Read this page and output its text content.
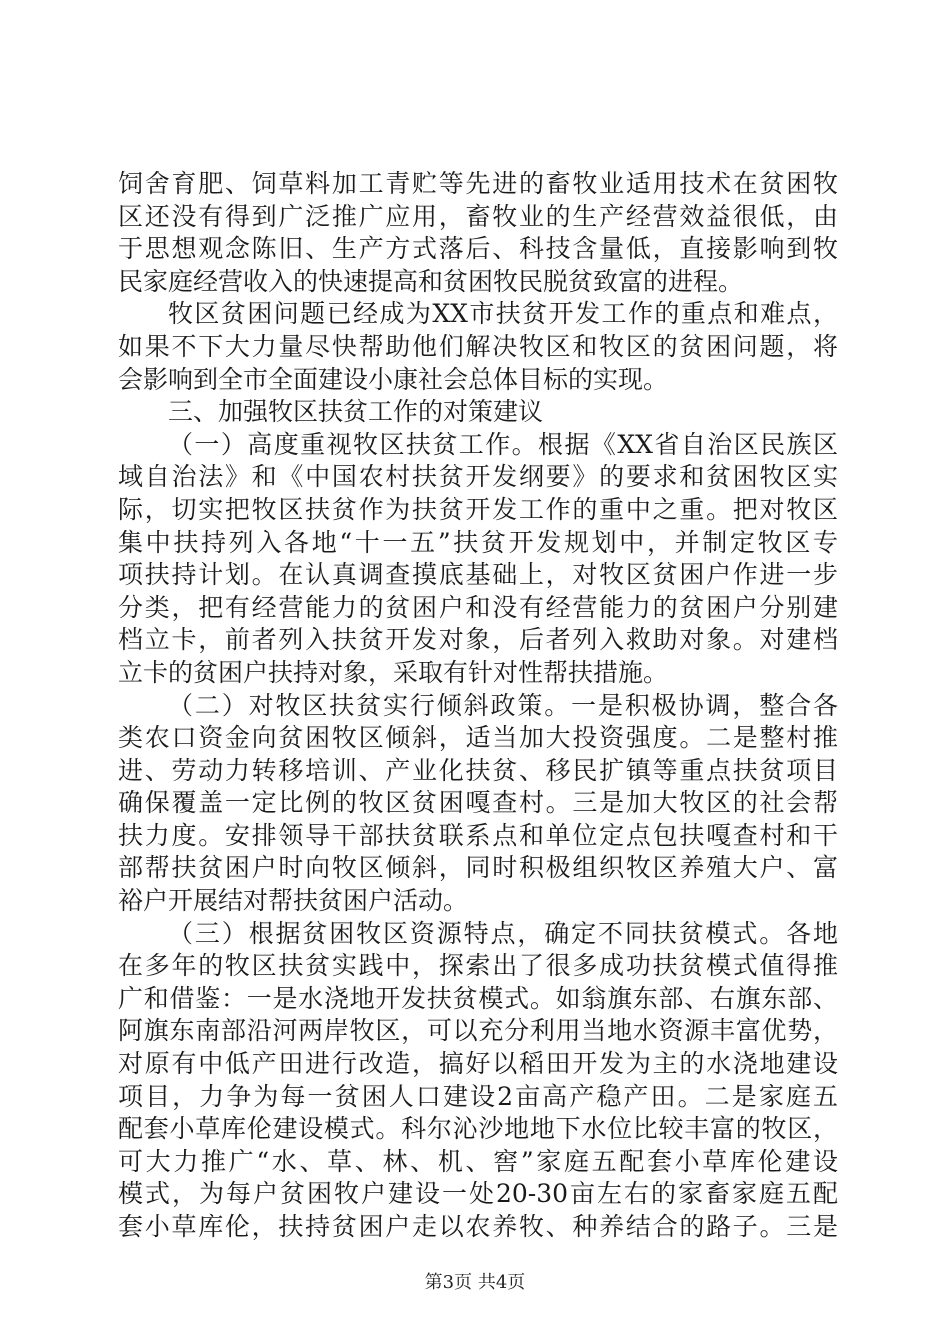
饲舍育肥、饲草料加工青贮等先进的畜牧业适用技术在贫困牧
区还没有得到广泛推广应用，畜牧业的生产经营效益很低，由
于思想观念陈旧、生产方式落后、科技含量低，直接影响到牧
民家庭经营收入的快速提高和贫困牧民脱贫致富的进程。
牧区贫困问题已经成为XX市扶贫开发工作的重点和难点，
如果不下大力量尽快帮助他们解决牧区和牧区的贫困问题，将
会影响到全市全面建设小康社会总体目标的实现。
三、加强牧区扶贫工作的对策建议
（一）高度重视牧区扶贫工作。根据《XX省自治区民族区
域自治法》和《中国农村扶贫开发纲要》的要求和贫困牧区实
际，切实把牧区扶贫作为扶贫开发工作的重中之重。把对牧区
集中扶持列入各地“十一五”扶贫开发规划中，并制定牧区专
项扶持计划。在认真调查摸底基础上，对牧区贫困户作进一步
分类，把有经营能力的贫困户和没有经营能力的贫困户分别建
档立卡，前者列入扶贫开发对象，后者列入救助对象。对建档
立卡的贫困户扶持对象，采取有针对性帮扶措施。
（二）对牧区扶贫实行倾斜政策。一是积极协调，整合各
类农口资金向贫困牧区倾斜，适当加大投资强度。二是整村推
进、劳动力转移培训、产业化扶贫、移民扩镇等重点扶贫项目
确保覆盖一定比例的牧区贫困嘎查村。三是加大牧区的社会帮
扶力度。安排领导干部扶贫联系点和单位定点包扶嘎查村和干
部帮扶贫困户时向牧区倾斜，同时积极组织牧区养殖大户、富
裕户开展结对帮扶贫困户活动。
（三）根据贫困牧区资源特点，确定不同扶贫模式。各地
在多年的牧区扶贫实践中，探索出了很多成功扶贫模式值得推
广和借鉴：一是水浇地开发扶贫模式。如翁旗东部、右旗东部、
阿旗东南部沿河两岸牧区，可以充分利用当地水资源丰富优势，
对原有中低产田进行改造，搞好以稻田开发为主的水浇地建设
项目，力争为每一贫困人口建设2亩高产稳产田。二是家庭五
配套小草库伦建设模式。科尔沁沙地地下水位比较丰富的牧区，
可大力推广“水、草、林、机、窖”家庭五配套小草库伦建设
模式，为每户贫困牧户建设一处20-30亩左右的家畜家庭五配
套小草库伦，扶持贫困户走以农养牧、种养结合的路子。三是
第3页 共4页
